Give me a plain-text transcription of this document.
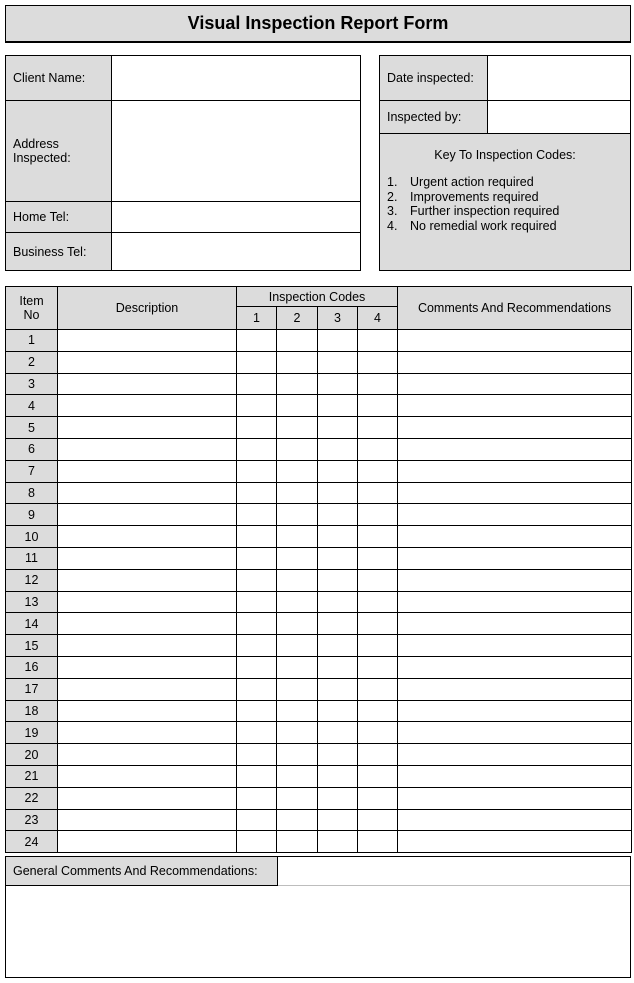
Visual Inspection Report Form
Client Name:
Address Inspected:
Home Tel:
Business Tel:
Date inspected:
Inspected by:
Key To Inspection Codes:
1.	Urgent action required
2.	Improvements required
3.	Further inspection required
4.	No remedial work required
Item No	Description	Inspection Codes				Comments And Recommendations
		1	2	3	4	
1						
2						
3						
4						
5						
6						
7						
8						
9						
10						
11						
12						
13						
14						
15						
16						
17						
18						
19						
20						
21						
22						
23						
24						
General Comments And Recommendations:
